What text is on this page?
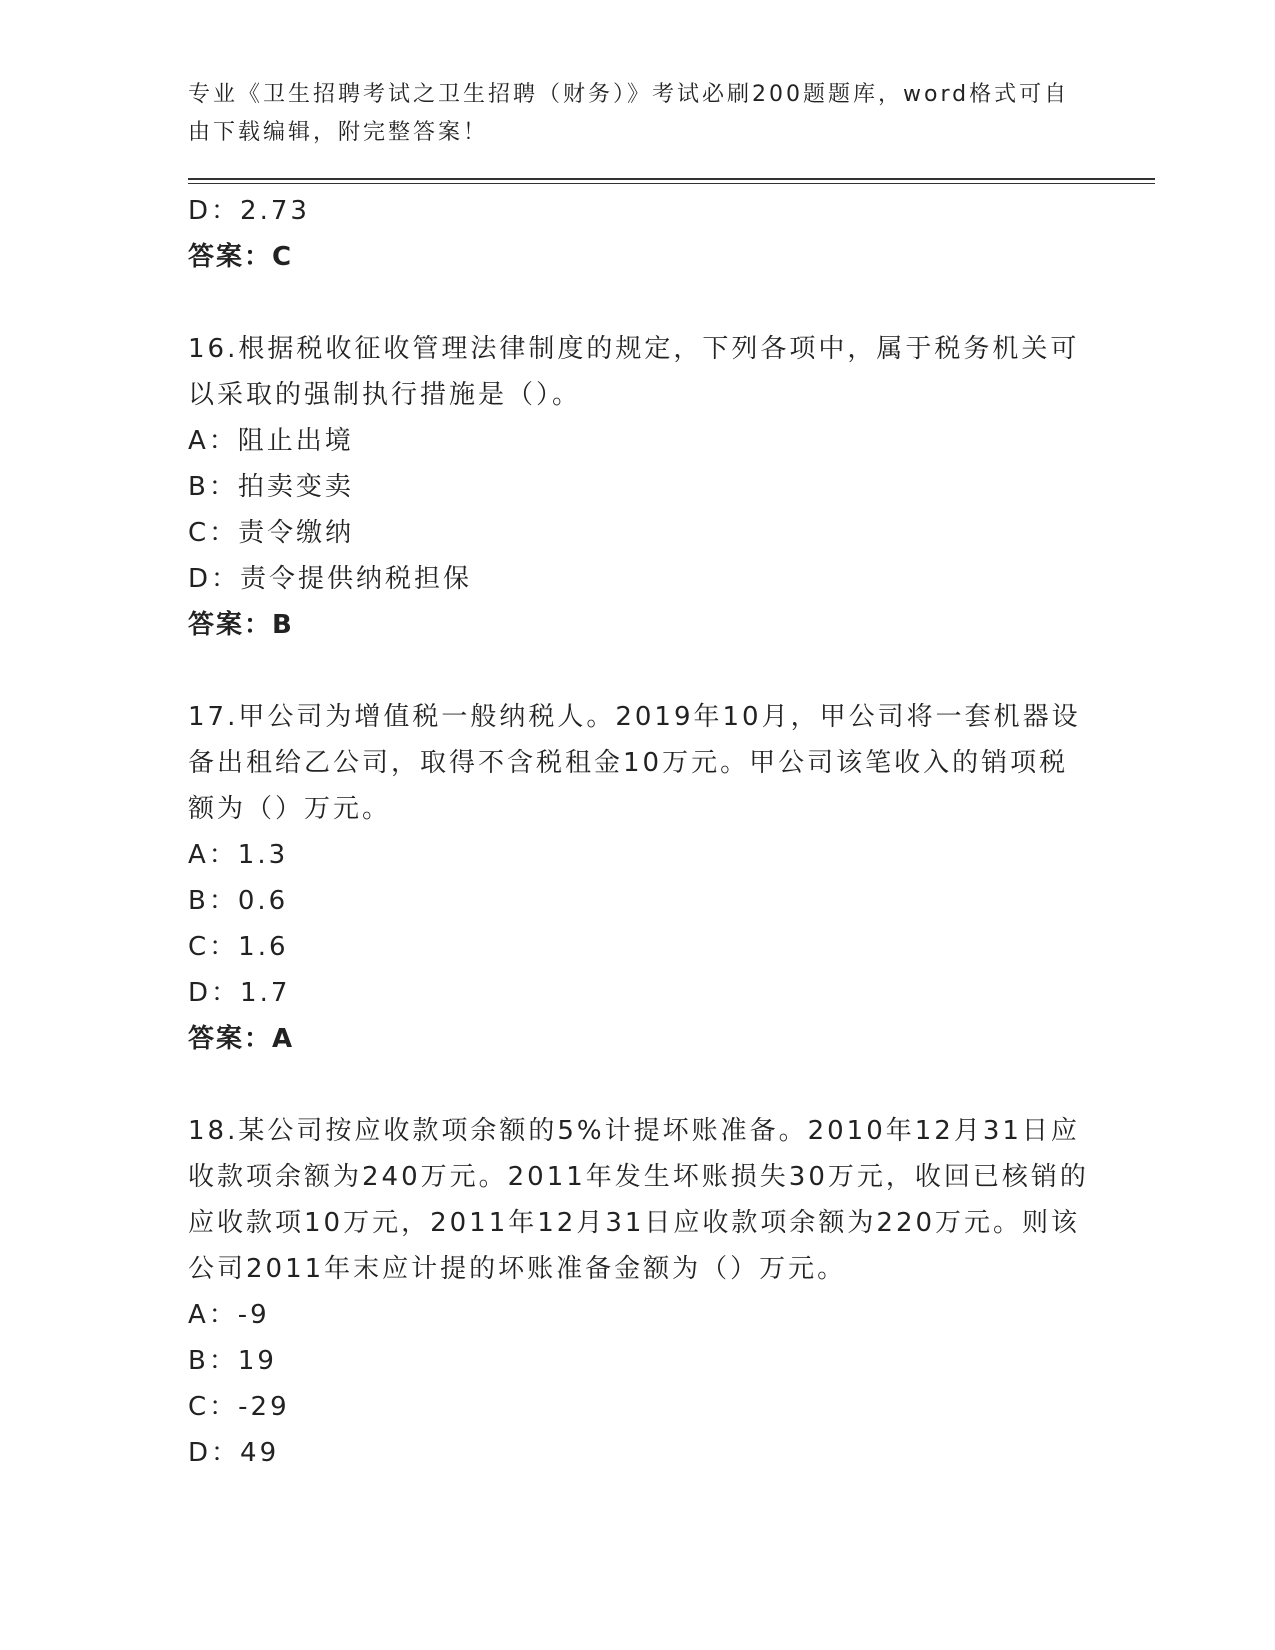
专业《卫生招聘考试之卫生招聘（财务）》考试必刷200题题库，word格式可自由下载编辑，附完整答案！
D：2.73
答案：C
16.根据税收征收管理法律制度的规定，下列各项中，属于税务机关可
以采取的强制执行措施是（）。
A：阻止出境
B：拍卖变卖
C：责令缴纳
D：责令提供纳税担保
答案：B
17.甲公司为增值税一般纳税人。2019年10月，甲公司将一套机器设
备出租给乙公司，取得不含税租金10万元。甲公司该笔收入的销项税
额为（）万元。
A：1.3
B：0.6
C：1.6
D：1.7
答案：A
18.某公司按应收款项余额的5%计提坏账准备。2010年12月31日应
收款项余额为240万元。2011年发生坏账损失30万元，收回已核销的
应收款项10万元，2011年12月31日应收款项余额为220万元。则该
公司2011年末应计提的坏账准备金额为（）万元。
A：-9
B：19
C：-29
D：49
